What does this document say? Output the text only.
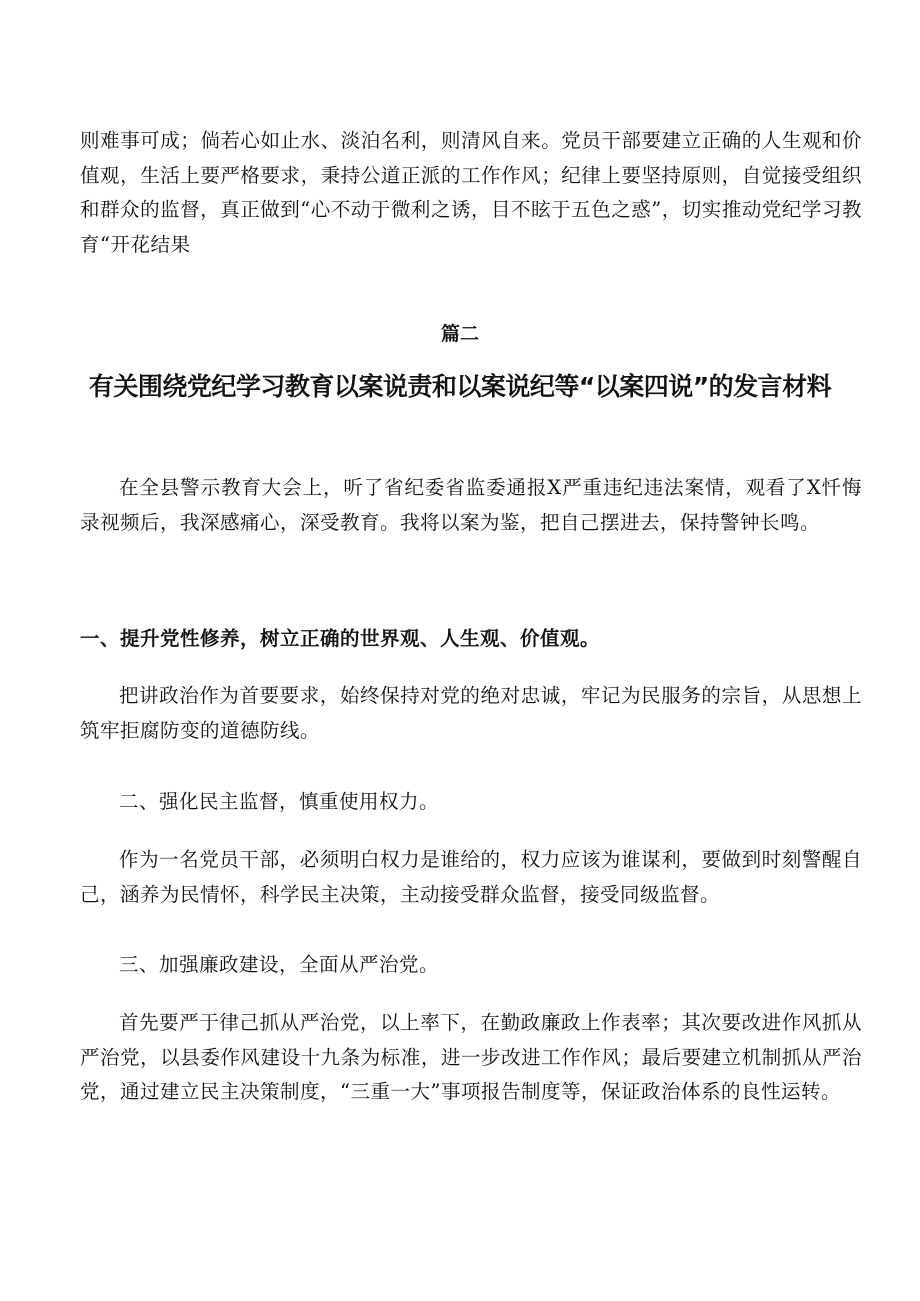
则难事可成；倘若心如止水、淡泊名利，则清风自来。党员干部要建立正确的人生观和价值观，生活上要严格要求，秉持公道正派的工作作风；纪律上要坚持原则，自觉接受组织和群众的监督，真正做到“心不动于微利之诱，目不眩于五色之惑”，切实推动党纪学习教育“开花结果

篇二

有关围绕党纪学习教育以案说责和以案说纪等“以案四说”的发言材料

在全县警示教育大会上，听了省纪委省监委通报X严重违纪违法案情，观看了X忏悔录视频后，我深感痛心，深受教育。我将以案为鉴，把自己摆进去，保持警钟长鸣。

一、提升党性修养，树立正确的世界观、人生观、价值观。

把讲政治作为首要要求，始终保持对党的绝对忠诚，牢记为民服务的宗旨，从思想上筑牢拒腐防变的道德防线。

二、强化民主监督，慎重使用权力。

作为一名党员干部，必须明白权力是谁给的，权力应该为谁谋利，要做到时刻警醒自己，涵养为民情怀，科学民主决策，主动接受群众监督，接受同级监督。

三、加强廉政建设，全面从严治党。

首先要严于律己抓从严治党，以上率下，在勤政廉政上作表率；其次要改进作风抓从严治党，以县委作风建设十九条为标准，进一步改进工作作风；最后要建立机制抓从严治党，通过建立民主决策制度，“三重一大”事项报告制度等，保证政治体系的良性运转。
